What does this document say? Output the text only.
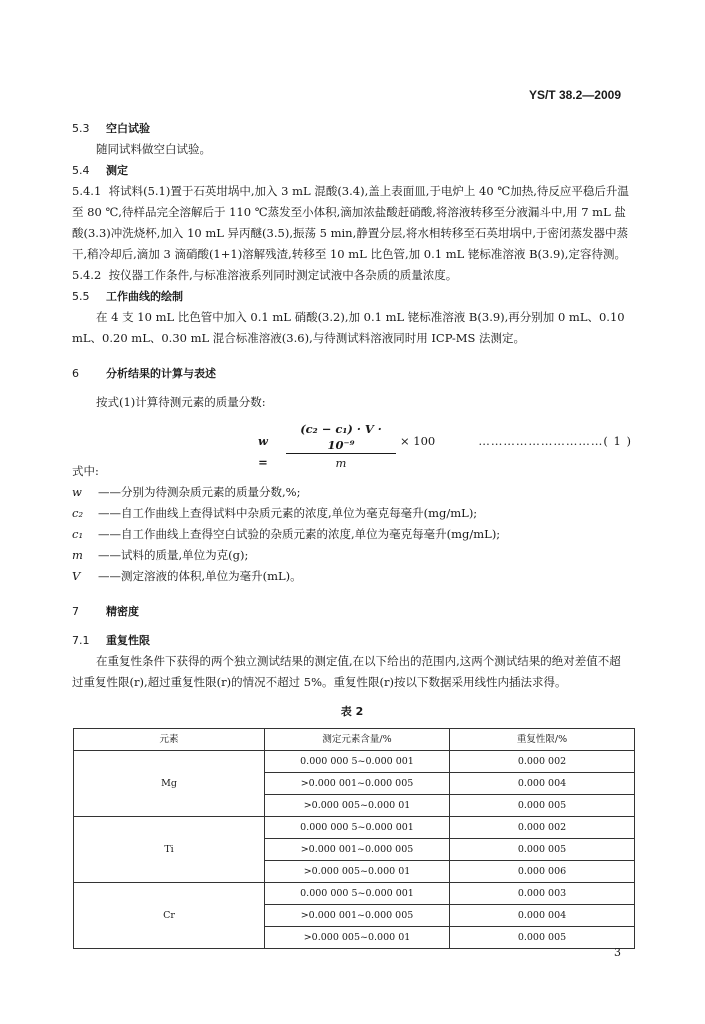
YS/T 38.2—2009

5.3 空白试验

随同试料做空白试验。

5.4 测定

5.4.1 将试料(5.1)置于石英坩埚中,加入 3 mL 混酸(3.4),盖上表面皿,于电炉上 40 ℃加热,待反应平稳后升温至 80 ℃,待样品完全溶解后于 110 ℃蒸发至小体积,滴加浓盐酸赶硝酸,将溶液转移至分液漏斗中,用 7 mL 盐酸(3.3)冲洗烧杯,加入 10 mL 异丙醚(3.5),振荡 5 min,静置分层,将水相转移至石英坩埚中,于密闭蒸发器中蒸干,稍冷却后,滴加 3 滴硝酸(1+1)溶解残渣,转移至 10 mL 比色管,加 0.1 mL 铑标准溶液 B(3.9),定容待测。

5.4.2 按仪器工作条件,与标准溶液系列同时测定试液中各杂质的质量浓度。

5.5 工作曲线的绘制

在 4 支 10 mL 比色管中加入 0.1 mL 硝酸(3.2),加 0.1 mL 铑标准溶液 B(3.9),再分别加 0 mL、0.10 mL、0.20 mL、0.30 mL 混合标准溶液(3.6),与待测试料溶液同时用 ICP-MS 法测定。

6 分析结果的计算与表述

按式(1)计算待测元素的质量分数:

$w = \frac{\text{(c₂ − c₁) · V · 10⁻⁹}}{m} \times 100$	…………………………( 1 )

式中:

w	——分别为待测杂质元素的质量分数,%;
c₂	——自工作曲线上查得试料中杂质元素的浓度,单位为毫克每毫升(mg/mL);
c₁	——自工作曲线上查得空白试验的杂质元素的浓度,单位为毫克每毫升(mg/mL);
m	——试料的质量,单位为克(g);
V	——测定溶液的体积,单位为毫升(mL)。

7 精密度

7.1 重复性限

在重复性条件下获得的两个独立测试结果的测定值,在以下给出的范围内,这两个测试结果的绝对差值不超过重复性限(r),超过重复性限(r)的情况不超过 5%。重复性限(r)按以下数据采用线性内插法求得。

表 2
元素	测定元素含量/%	重复性限/%
Mg	0.000 000 5~0.000 001	0.000 002
	>0.000 001~0.000 005	0.000 004
	>0.000 005~0.000 01	0.000 005
Ti	0.000 000 5~0.000 001	0.000 002
	>0.000 001~0.000 005	0.000 005
	>0.000 005~0.000 01	0.000 006
Cr	0.000 000 5~0.000 001	0.000 003
	>0.000 001~0.000 005	0.000 004
	>0.000 005~0.000 01	0.000 005
3
